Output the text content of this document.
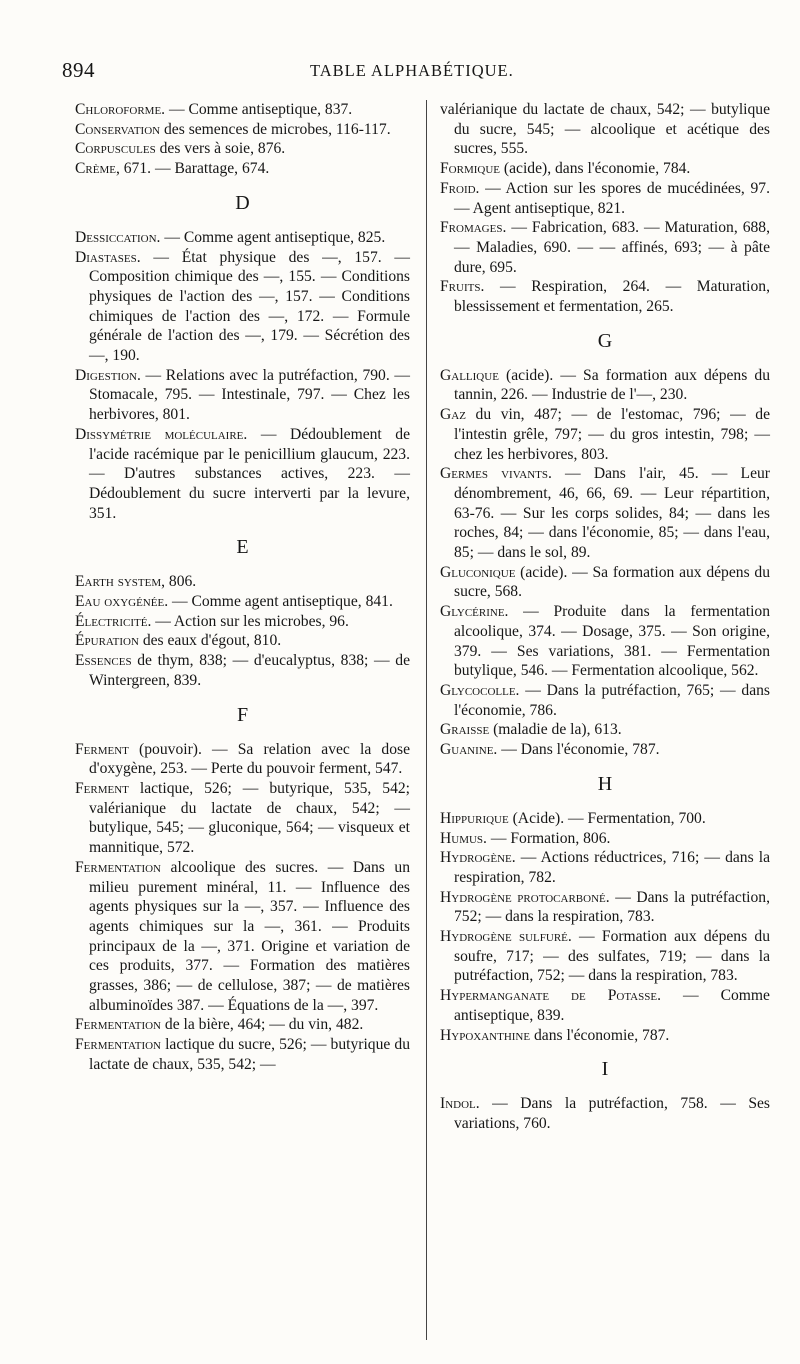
894	TABLE ALPHABÉTIQUE.
Chloroforme. — Comme antiseptique, 837.
Conservation des semences de microbes, 116-117.
Corpuscules des vers à soie, 876.
Crème, 671. — Barattage, 674.
D
Dessiccation. — Comme agent antiseptique, 825.
Diastases. — État physique des —, 157. — Composition chimique des —, 155. — Conditions physiques de l'action des —, 157. — Conditions chimiques de l'action des —, 172. — Formule générale de l'action des —, 179. — Sécrétion des —, 190.
Digestion. — Relations avec la putréfaction, 790. — Stomacale, 795. — Intestinale, 797. — Chez les herbivores, 801.
Dissymétrie moléculaire. — Dédoublement de l'acide racémique par le penicillium glaucum, 223. — D'autres substances actives, 223. — Dédoublement du sucre interverti par la levure, 351.
E
Earth system, 806.
Eau oxygénée. — Comme agent antiseptique, 841.
Électricité. — Action sur les microbes, 96.
Épuration des eaux d'égout, 810.
Essences de thym, 838; — d'eucalyptus, 838; — de Wintergreen, 839.
F
Ferment (pouvoir). — Sa relation avec la dose d'oxygène, 253. — Perte du pouvoir ferment, 547.
Ferment lactique, 526; — butyrique, 535, 542; valérianique du lactate de chaux, 542; — butylique, 545; — gluconique, 564; — visqueux et mannitique, 572.
Fermentation alcoolique des sucres. — Dans un milieu purement minéral, 11. — Influence des agents physiques sur la —, 357. — Influence des agents chimiques sur la —, 361. — Produits principaux de la —, 371. Origine et variation de ces produits, 377. — Formation des matières grasses, 386; — de cellulose, 387; — de matières albuminoïdes 387. — Équations de la —, 397.
Fermentation de la bière, 464; — du vin, 482.
Fermentation lactique du sucre, 526; — butyrique du lactate de chaux, 535, 542; —
valérianique du lactate de chaux, 542; — butylique du sucre, 545; — alcoolique et acétique des sucres, 555.
Formique (acide), dans l'économie, 784.
Froid. — Action sur les spores de mucédinées, 97. — Agent antiseptique, 821.
Fromages. — Fabrication, 683. — Maturation, 688, — Maladies, 690. — — affinés, 693; — à pâte dure, 695.
Fruits. — Respiration, 264. — Maturation, blessissement et fermentation, 265.
G
Gallique (acide). — Sa formation aux dépens du tannin, 226. — Industrie de l'—, 230.
Gaz du vin, 487; — de l'estomac, 796; — de l'intestin grêle, 797; — du gros intestin, 798; — chez les herbivores, 803.
Germes vivants. — Dans l'air, 45. — Leur dénombrement, 46, 66, 69. — Leur répartition, 63-76. — Sur les corps solides, 84; — dans les roches, 84; — dans l'économie, 85; — dans l'eau, 85; — dans le sol, 89.
Gluconique (acide). — Sa formation aux dépens du sucre, 568.
Glycérine. — Produite dans la fermentation alcoolique, 374. — Dosage, 375. — Son origine, 379. — Ses variations, 381. — Fermentation butylique, 546. — Fermentation alcoolique, 562.
Glycocolle. — Dans la putréfaction, 765; — dans l'économie, 786.
Graisse (maladie de la), 613.
Guanine. — Dans l'économie, 787.
H
Hippurique (Acide). — Fermentation, 700.
Humus. — Formation, 806.
Hydrogène. — Actions réductrices, 716; — dans la respiration, 782.
Hydrogène protocarboné. — Dans la putréfaction, 752; — dans la respiration, 783.
Hydrogène sulfuré. — Formation aux dépens du soufre, 717; — des sulfates, 719; — dans la putréfaction, 752; — dans la respiration, 783.
Hypermanganate de Potasse. — Comme antiseptique, 839.
Hypoxanthine dans l'économie, 787.
I
Indol. — Dans la putréfaction, 758. — Ses variations, 760.
